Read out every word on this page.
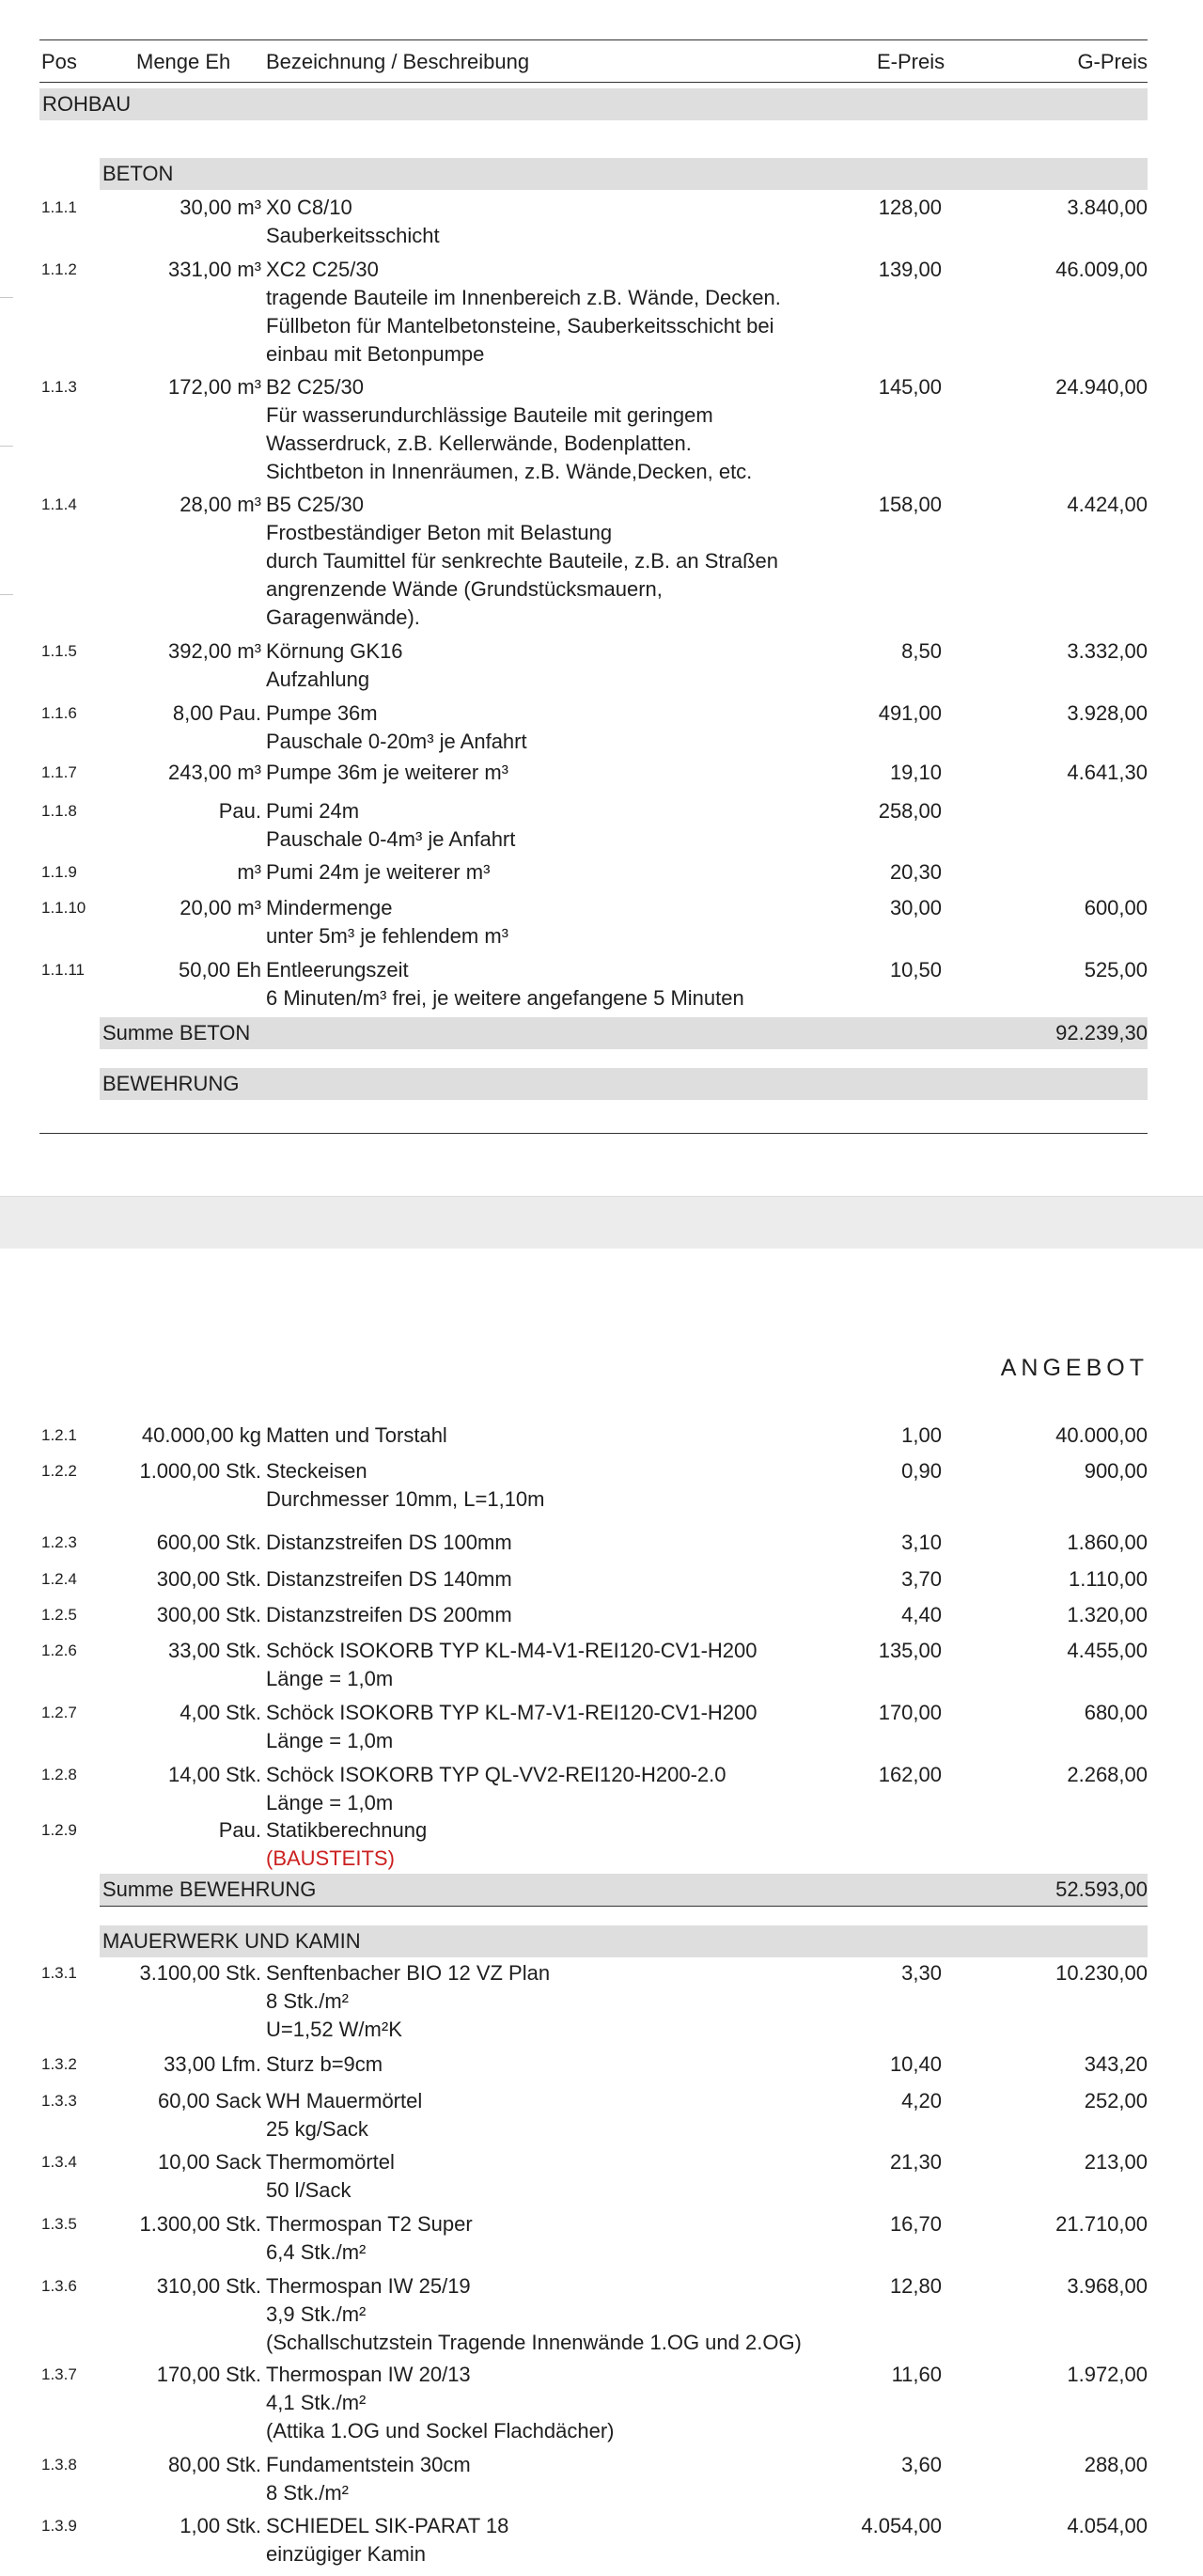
Pos	Menge Eh Bezeichnung / Beschreibung	E-Preis	G-Preis
ROHBAU
BETON
1.1.1	30,00 m³ X0 C8/10
Sauberkeitsschicht
128,00	3.840,00
1.1.2	331,00 m³ XC2 C25/30
tragende Bauteile im Innenbereich z.B. Wände, Decken.
Füllbeton für Mantelbetonsteine, Sauberkeitsschicht bei
einbau mit Betonpumpe
139,00	46.009,00
1.1.3	172,00 m³ B2 C25/30
Für wasserundurchlässige Bauteile mit geringem
Wasserdruck, z.B. Kellerwände, Bodenplatten.
Sichtbeton in Innenräumen, z.B. Wände,Decken, etc.
145,00	24.940,00
1.1.4	28,00 m³ B5 C25/30
Frostbeständiger Beton mit Belastung
durch Taumittel für senkrechte Bauteile, z.B. an Straßen
angrenzende Wände (Grundstücksmauern,
Garagenwände).
158,00	4.424,00
1.1.5	392,00 m³ Körnung GK16
Aufzahlung
8,50	3.332,00
1.1.6	8,00 Pau. Pumpe 36m
Pauschale 0-20m³ je Anfahrt
491,00	3.928,00
1.1.7	243,00 m³ Pumpe 36m je weiterer m³	19,10	4.641,30
1.1.8	Pau. Pumi 24m
Pauschale 0-4m³ je Anfahrt
258,00
1.1.9	m³ Pumi 24m je weiterer m³	20,30
1.1.10	20,00 m³ Mindermenge
unter 5m³ je fehlendem m³
30,00	600,00
1.1.11	50,00 Eh Entleerungszeit
6 Minuten/m³ frei, je weitere angefangene 5 Minuten
10,50	525,00
Summe BETON	92.239,30
BEWEHRUNG
ANGEBOT
1.2.1	40.000,00 kg Matten und Torstahl	1,00	40.000,00
1.2.2	1.000,00 Stk. Steckeisen
Durchmesser 10mm, L=1,10m
0,90	900,00
1.2.3	600,00 Stk. Distanzstreifen DS 100mm	3,10	1.860,00
1.2.4	300,00 Stk. Distanzstreifen DS 140mm	3,70	1.110,00
1.2.5	300,00 Stk. Distanzstreifen DS 200mm	4,40	1.320,00
1.2.6	33,00 Stk. Schöck ISOKORB TYP KL-M4-V1-REI120-CV1-H200
Länge = 1,0m
135,00	4.455,00
1.2.7	4,00 Stk. Schöck ISOKORB TYP KL-M7-V1-REI120-CV1-H200
Länge = 1,0m
170,00	680,00
1.2.8	14,00 Stk. Schöck ISOKORB TYP QL-VV2-REI120-H200-2.0
Länge = 1,0m
162,00	2.268,00
1.2.9	Pau. Statikberechnung
(BAUSTEITS)
Summe BEWEHRUNG	52.593,00
MAUERWERK UND KAMIN
1.3.1	3.100,00 Stk. Senftenbacher BIO 12 VZ Plan
8 Stk./m²
U=1,52 W/m²K
3,30	10.230,00
1.3.2	33,00 Lfm. Sturz b=9cm	10,40	343,20
1.3.3	60,00 Sack WH Mauermörtel
25 kg/Sack
4,20	252,00
1.3.4	10,00 Sack Thermomörtel
50 l/Sack
21,30	213,00
1.3.5	1.300,00 Stk. Thermospan T2 Super
6,4 Stk./m²
16,70	21.710,00
1.3.6	310,00 Stk. Thermospan IW 25/19
3,9 Stk./m²
(Schallschutzstein Tragende Innenwände 1.OG und 2.OG)
12,80	3.968,00
1.3.7	170,00 Stk. Thermospan IW 20/13
4,1 Stk./m²
(Attika 1.OG und Sockel Flachdächer)
11,60	1.972,00
1.3.8	80,00 Stk. Fundamentstein 30cm
8 Stk./m²
3,60	288,00
1.3.9	1,00 Stk. SCHIEDEL SIK-PARAT 18
einzügiger Kamin
4.054,00	4.054,00
